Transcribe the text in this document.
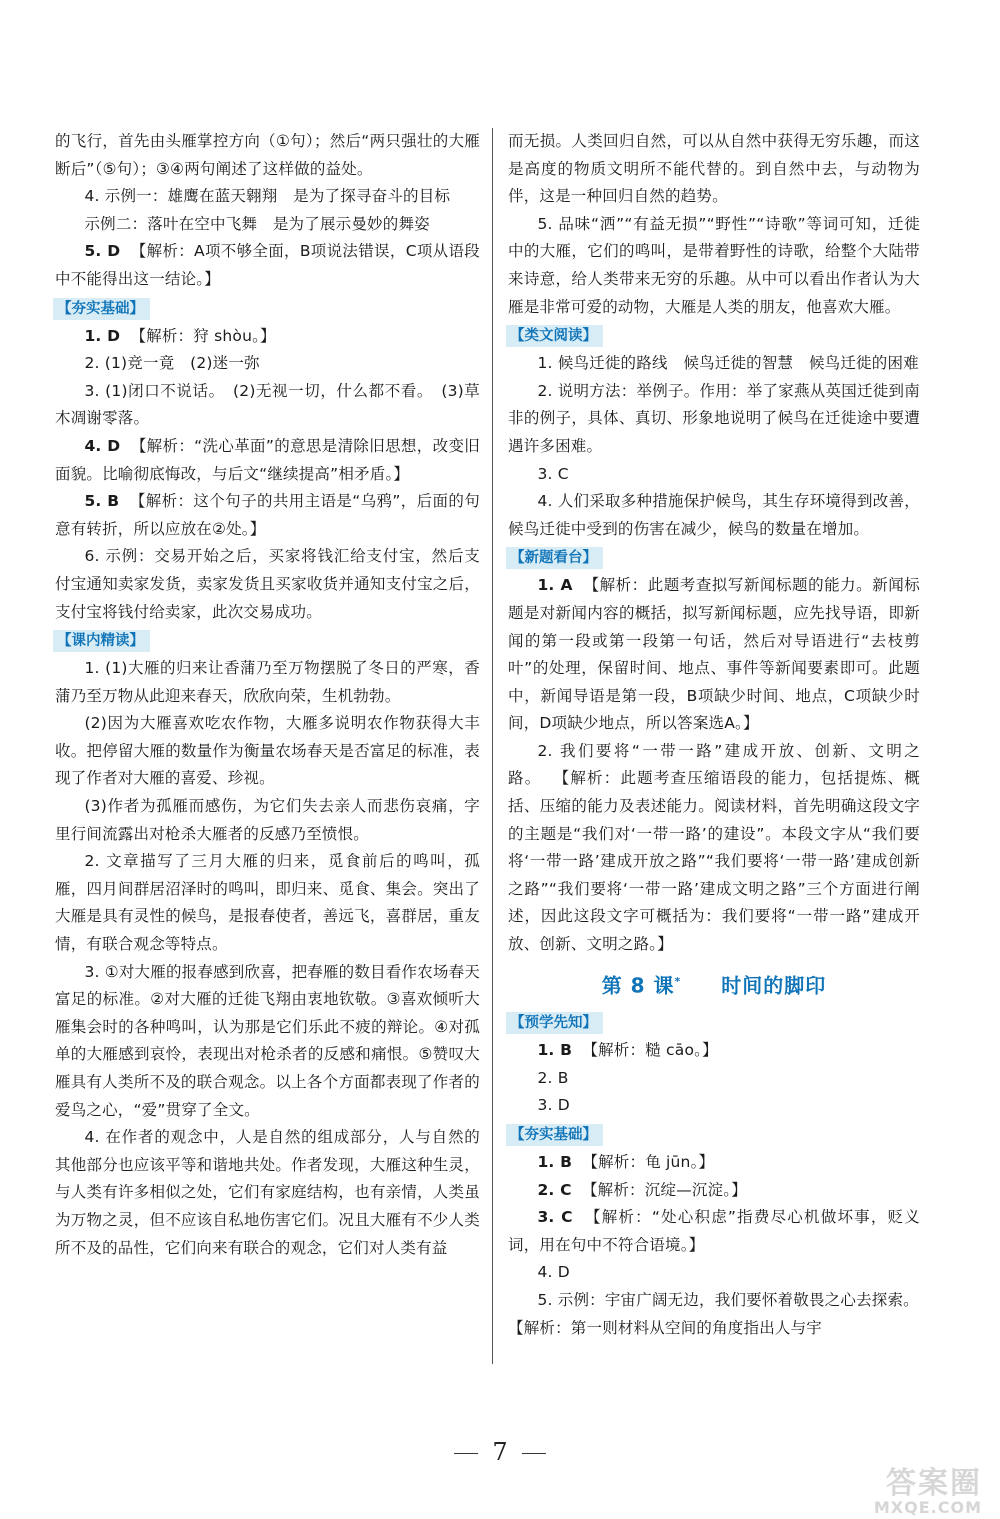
的飞行，首先由头雁掌控方向（①句）；然后“两只强壮的大雁断后”（⑤句）；③④两句阐述了这样做的益处。

4. 示例一：雄鹰在蓝天翱翔　是为了探寻奋斗的目标

示例二：落叶在空中飞舞　是为了展示曼妙的舞姿

5. D 【解析：A项不够全面，B项说法错误，C项从语段中不能得出这一结论。】

【夯实基础】

1. D 【解析：狩 shòu。】

2. (1)竞一竟　(2)迷一弥

3. (1)闭口不说话。　(2)无视一切，什么都不看。　(3)草木凋谢零落。

4. D 【解析：“洗心革面”的意思是清除旧思想，改变旧面貌。比喻彻底悔改，与后文“继续提高”相矛盾。】

5. B 【解析：这个句子的共用主语是“乌鸦”，后面的句意有转折，所以应放在②处。】

6. 示例：交易开始之后，买家将钱汇给支付宝，然后支付宝通知卖家发货，卖家发货且买家收货并通知支付宝之后，支付宝将钱付给卖家，此次交易成功。

【课内精读】

1. (1)大雁的归来让香蒲乃至万物摆脱了冬日的严寒，香蒲乃至万物从此迎来春天，欣欣向荣，生机勃勃。

(2)因为大雁喜欢吃农作物，大雁多说明农作物获得大丰收。把停留大雁的数量作为衡量农场春天是否富足的标准，表现了作者对大雁的喜爱、珍视。

(3)作者为孤雁而感伤，为它们失去亲人而悲伤哀痛，字里行间流露出对枪杀大雁者的反感乃至愤恨。

2. 文章描写了三月大雁的归来，觅食前后的鸣叫，孤雁，四月间群居沼泽时的鸣叫，即归来、觅食、集会。突出了大雁是具有灵性的候鸟，是报春使者，善远飞，喜群居，重友情，有联合观念等特点。

3. ①对大雁的报春感到欣喜，把春雁的数目看作农场春天富足的标准。②对大雁的迁徙飞翔由衷地钦敬。③喜欢倾听大雁集会时的各种鸣叫，认为那是它们乐此不疲的辩论。④对孤单的大雁感到哀怜，表现出对枪杀者的反感和痛恨。⑤赞叹大雁具有人类所不及的联合观念。以上各个方面都表现了作者的爱鸟之心，“爱”贯穿了全文。

4. 在作者的观念中，人是自然的组成部分，人与自然的其他部分也应该平等和谐地共处。作者发现，大雁这种生灵，与人类有许多相似之处，它们有家庭结构，也有亲情，人类虽为万物之灵，但不应该自私地伤害它们。况且大雁有不少人类所不及的品性，它们向来有联合的观念，它们对人类有益

而无损。人类回归自然，可以从自然中获得无穷乐趣，而这是高度的物质文明所不能代替的。到自然中去，与动物为伴，这是一种回归自然的趋势。

5. 品味“洒”“有益无损”“野性”“诗歌”等词可知，迁徙中的大雁，它们的鸣叫，是带着野性的诗歌，给整个大陆带来诗意，给人类带来无穷的乐趣。从中可以看出作者认为大雁是非常可爱的动物，大雁是人类的朋友，他喜欢大雁。

【类文阅读】

1. 候鸟迁徙的路线　候鸟迁徙的智慧　候鸟迁徙的困难

2. 说明方法：举例子。作用：举了家燕从英国迁徙到南非的例子，具体、真切、形象地说明了候鸟在迁徙途中要遭遇许多困难。

3. C

4. 人们采取多种措施保护候鸟，其生存环境得到改善，候鸟迁徙中受到的伤害在减少，候鸟的数量在增加。

【新题看台】

1. A 【解析：此题考查拟写新闻标题的能力。新闻标题是对新闻内容的概括，拟写新闻标题，应先找导语，即新闻的第一段或第一段第一句话，然后对导语进行“去枝剪叶”的处理，保留时间、地点、事件等新闻要素即可。此题中，新闻导语是第一段，B项缺少时间、地点，C项缺少时间，D项缺少地点，所以答案选A。】

2. 我们要将“一带一路”建成开放、创新、文明之路。 【解析：此题考查压缩语段的能力，包括提炼、概括、压缩的能力及表述能力。阅读材料，首先明确这段文字的主题是“我们对‘一带一路’的建设”。本段文字从“我们要将‘一带一路’建成开放之路”“我们要将‘一带一路’建成创新之路”“我们要将‘一带一路’建成文明之路”三个方面进行阐述，因此这段文字可概括为：我们要将“一带一路”建成开放、创新、文明之路。】

第 8 课* 时间的脚印
【预学先知】

1. B 【解析：糙 cāo。】

2. B

3. D

【夯实基础】

1. B 【解析：龟 jūn。】

2. C 【解析：沉绽—沉淀。】

3. C 【解析：“处心积虑”指费尽心机做坏事，贬义词，用在句中不符合语境。】

4. D

5. 示例：宇宙广阔无边，我们要怀着敬畏之心去探索。

【解析：第一则材料从空间的角度指出人与宇

7
答案圈
MXQE.COM
